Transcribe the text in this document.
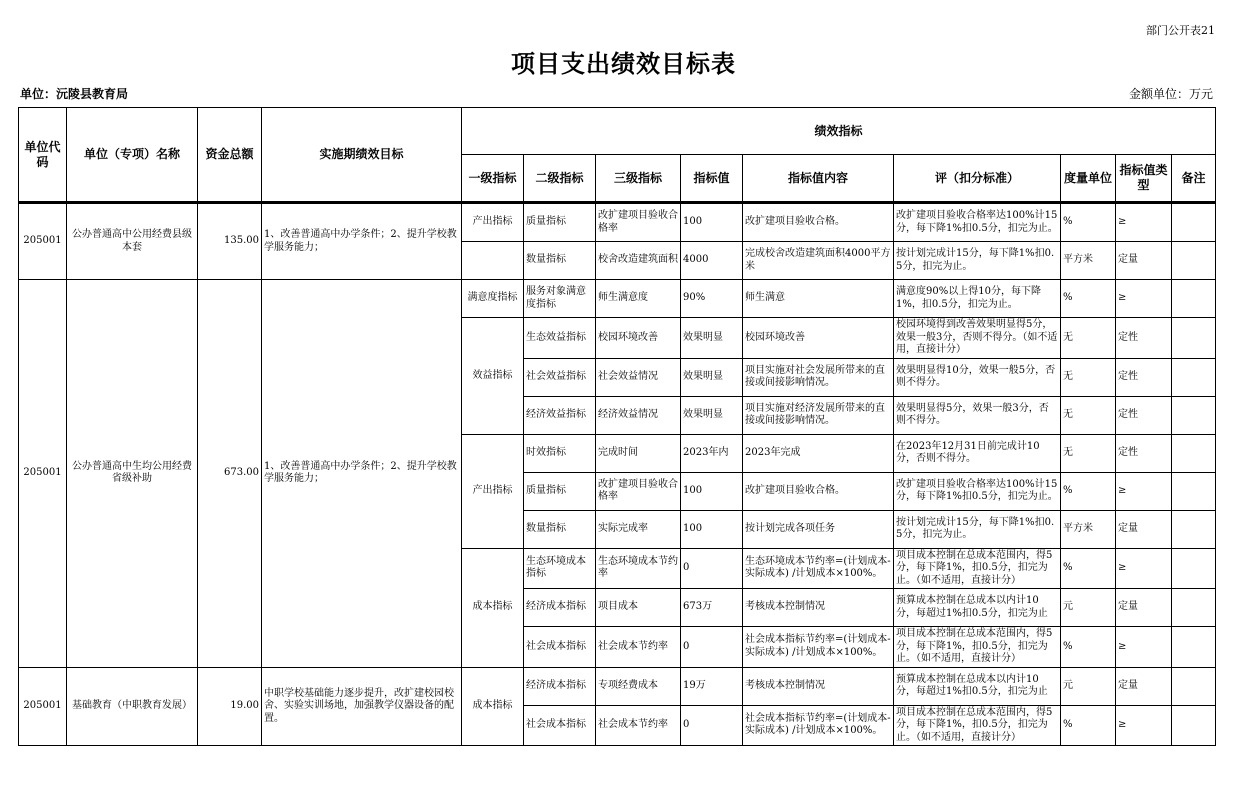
部门公开表21
项目支出绩效目标表
单位：沅陵县教育局	金额单位：万元
单位代码	单位（专项）名称	资金总额	实施期绩效目标	绩效指标								
				一级指标	二级指标	三级指标	指标值	指标值内容	评（扣分标准）	度量单位	指标值类型	备注
205001	公办普通高中公用经费县级本套	135.00	1、改善普通高中办学条件；2、提升学校教学服务能力；	产出指标	质量指标	改扩建项目验收合格率	100	改扩建项目验收合格。	改扩建项目验收合格率达100%计15分，每下降1%扣0.5分，扣完为止。	%	≥	
					数量指标	校舍改造建筑面积	4000	完成校舍改造建筑面积4000平方米	按计划完成计15分，每下降1%扣0.5分，扣完为止。	平方米	定量	
205001	公办普通高中生均公用经费省级补助	673.00	1、改善普通高中办学条件；2、提升学校教学服务能力；	满意度指标	服务对象满意度指标	师生满意度	90%	师生满意	满意度90%以上得10分，每下降1%，扣0.5分，扣完为止。	%	≥	
				效益指标	生态效益指标	校园环境改善	效果明显	校园环境改善	校园环境得到改善效果明显得5分，效果一般3分，否则不得分。（如不适用，直接计分）	无	定性	
					社会效益指标	社会效益情况	效果明显	项目实施对社会发展所带来的直接或间接影响情况。	效果明显得10分，效果一般5分，否则不得分。	无	定性	
					经济效益指标	经济效益情况	效果明显	项目实施对经济发展所带来的直接或间接影响情况。	效果明显得5分，效果一般3分，否则不得分。	无	定性	
				产出指标	时效指标	完成时间	2023年内	2023年完成	在2023年12月31日前完成计10分，否则不得分。	无	定性	
					质量指标	改扩建项目验收合格率	100	改扩建项目验收合格。	改扩建项目验收合格率达100%计15分，每下降1%扣0.5分，扣完为止。	%	≥	
					数量指标	实际完成率	100	按计划完成各项任务	按计划完成计15分，每下降1%扣0.5分，扣完为止。	平方米	定量	
				成本指标	生态环境成本指标	生态环境成本节约率	0	生态环境成本节约率=(计划成本-实际成本) /计划成本×100%。	项目成本控制在总成本范围内，得5分，每下降1%，扣0.5分，扣完为止。（如不适用，直接计分）	%	≥	
					经济成本指标	项目成本	673万	考核成本控制情况	预算成本控制在总成本以内计10分，每超过1%扣0.5分，扣完为止	元	定量	
					社会成本指标	社会成本节约率	0	社会成本指标节约率=(计划成本-实际成本) /计划成本×100%。	项目成本控制在总成本范围内，得5分，每下降1%，扣0.5分，扣完为止。（如不适用，直接计分）	%	≥	
205001	基础教育（中职教育发展）	19.00	中职学校基础能力逐步提升，改扩建校园校舍、实验实训场地，加强教学仪器设备的配置。	成本指标	经济成本指标	专项经费成本	19万	考核成本控制情况	预算成本控制在总成本以内计10分，每超过1%扣0.5分，扣完为止	元	定量	
					社会成本指标	社会成本节约率	0	社会成本指标节约率=(计划成本-实际成本) /计划成本×100%。	项目成本控制在总成本范围内，得5分，每下降1%，扣0.5分，扣完为止。（如不适用，直接计分）	%	≥	
